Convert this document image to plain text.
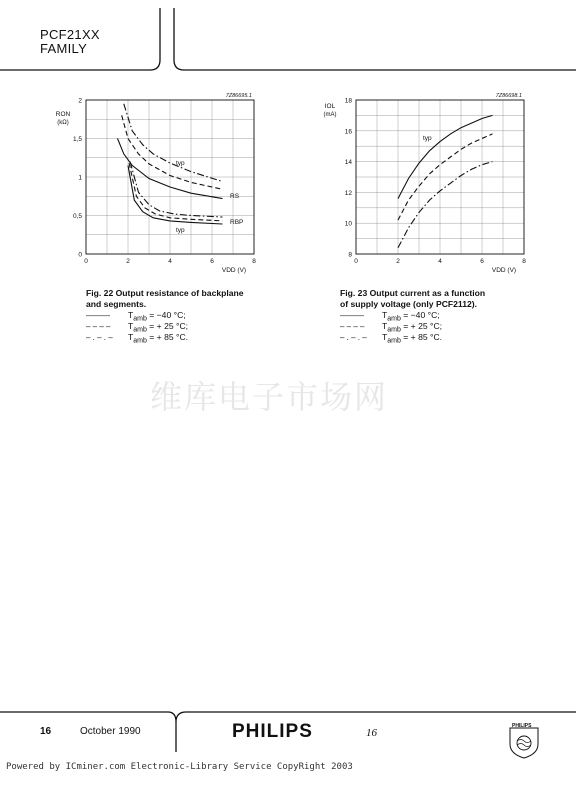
PCF21XX
FAMILY
0	2	4	6	8
0
0,5
1
1,5
2
7Z86695.1
RON
(kΩ)
VDD (V)
typ
RS
RBP
typ
0	2	4	6	8
8
10
12
14
16
18
7Z86698.1
IOL
(mA)
VDD (V)
typ
Fig. 22 Output resistance of backplane
and segments.
——— $T_{amb} = -40$ °C;
– – – – $T_{amb}$ = + 25 °C;
– . – . – $T_{amb}$ = + 85 °C.
Fig. 23 Output current as a function
of supply voltage (only PCF2112).
——— $T_{amb} = -40$ °C;
– – – – $T_{amb}$ = + 25 °C;
– . – . – $T_{amb}$ = + 85 °C.
维库电子市场网
16	October 1990	PHILIPS	16
PHILIPS
Powered by ICminer.com Electronic-Library Service CopyRight 2003
